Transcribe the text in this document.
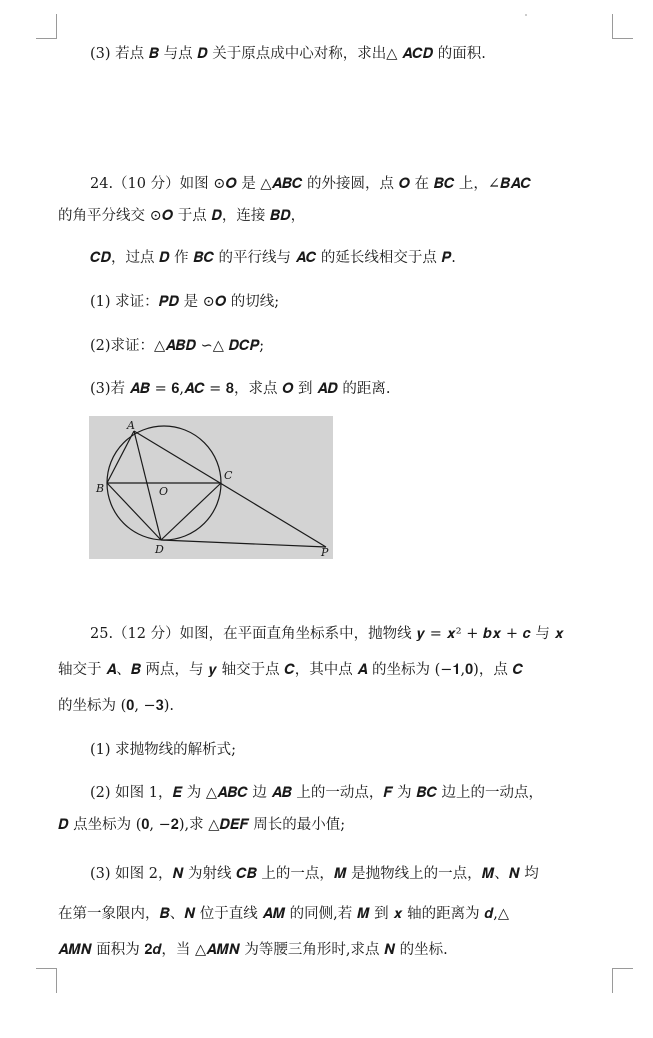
(3) 若点 𝑩 与点 𝑫 关于原点成中心对称，求出△ 𝑨𝑪𝑫 的面积.
24.（10 分）如图 ⊙𝑶 是 △𝑨𝑩𝑪 的外接圆，点 𝑶 在 𝑩𝑪 上，∠𝑩𝑨𝑪
的角平分线交 ⊙𝑶 于点 𝑫，连接 𝑩𝑫，
𝑪𝑫，过点 𝑫 作 𝑩𝑪 的平行线与 𝑨𝑪 的延长线相交于点 𝑷.
(1) 求证：𝑷𝑫 是 ⊙𝑶 的切线;
(2)求证：△𝑨𝑩𝑫 ∽△ 𝑫𝑪𝑷;
(3)若 𝑨𝑩 = 𝟔,𝑨𝑪 = 𝟖，求点 𝑶 到 𝑨𝑫 的距离.
A
B
C
O
D	P
25.（12 分）如图，在平面直角坐标系中，抛物线 𝒚 = 𝒙² + 𝒃𝒙 + 𝒄 与 𝒙
轴交于 𝑨、𝑩 两点，与 𝒚 轴交于点 𝑪，其中点 𝑨 的坐标为 (−𝟏,𝟎)，点 𝑪
的坐标为 (𝟎, −𝟑).
(1) 求抛物线的解析式;
(2) 如图 1，𝑬 为 △𝑨𝑩𝑪 边 𝑨𝑩 上的一动点，𝑭 为 𝑩𝑪 边上的一动点，
𝑫 点坐标为 (𝟎, −𝟐),求 △𝑫𝑬𝑭 周长的最小值;
(3) 如图 2，𝑵 为射线 𝑪𝑩 上的一点，𝑴 是抛物线上的一点，𝑴、𝑵 均
在第一象限内，𝑩、𝑵 位于直线 𝑨𝑴 的同侧,若 𝑴 到 𝒙 轴的距离为 𝒅,△
𝑨𝑴𝑵 面积为 𝟐𝒅，当 △𝑨𝑴𝑵 为等腰三角形时,求点 𝑵 的坐标.
